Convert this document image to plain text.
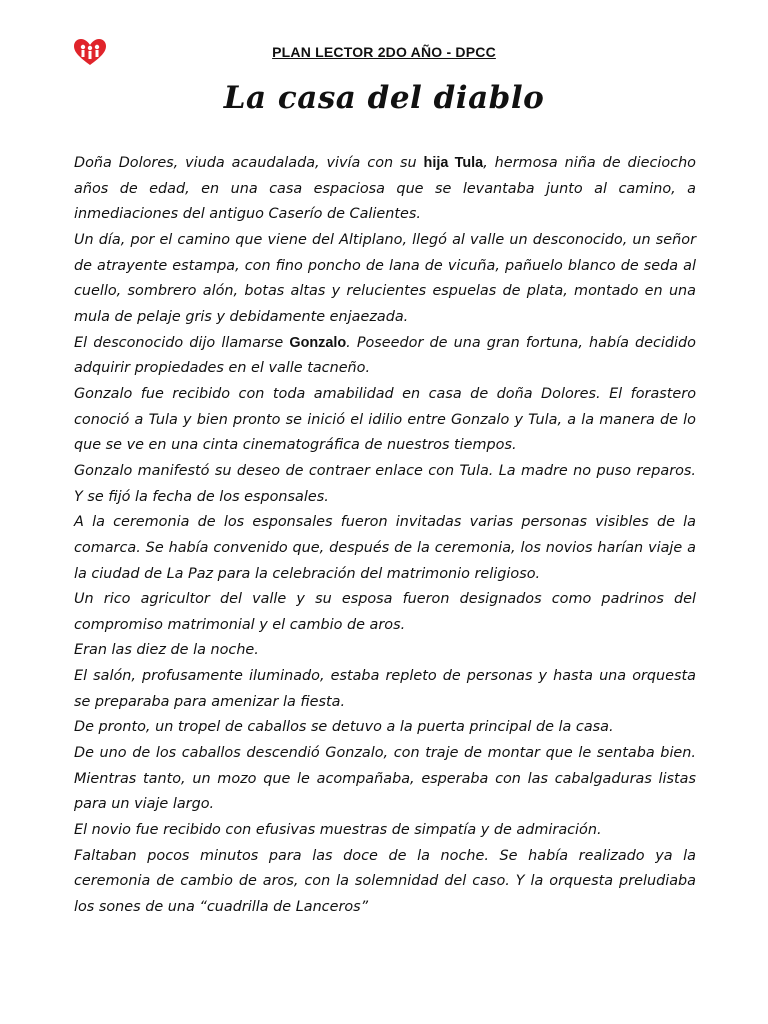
PLAN LECTOR 2DO AÑO - DPCC
La casa del diablo

Doña Dolores, viuda acaudalada, vivía con su hija Tula, hermosa niña de dieciocho años de edad, en una casa espaciosa que se levantaba junto al camino, a inmediaciones del antiguo Caserío de Calientes.

Un día, por el camino que viene del Altiplano, llegó al valle un desconocido, un señor de atrayente estampa, con fino poncho de lana de vicuña, pañuelo blanco de seda al cuello, sombrero alón, botas altas y relucientes espuelas de plata, montado en una mula de pelaje gris y debidamente enjaezada.

El desconocido dijo llamarse Gonzalo. Poseedor de una gran fortuna, había decidido adquirir propiedades en el valle tacneño.

Gonzalo fue recibido con toda amabilidad en casa de doña Dolores. El forastero conoció a Tula y bien pronto se inició el idilio entre Gonzalo y Tula, a la manera de lo que se ve en una cinta cinematográfica de nuestros tiempos.

Gonzalo manifestó su deseo de contraer enlace con Tula. La madre no puso reparos. Y se fijó la fecha de los esponsales.

A la ceremonia de los esponsales fueron invitadas varias personas visibles de la comarca. Se había convenido que, después de la ceremonia, los novios harían viaje a la ciudad de La Paz para la celebración del matrimonio religioso.

Un rico agricultor del valle y su esposa fueron designados como padrinos del compromiso matrimonial y el cambio de aros.

Eran las diez de la noche.

El salón, profusamente iluminado, estaba repleto de personas y hasta una orquesta se preparaba para amenizar la fiesta.

De pronto, un tropel de caballos se detuvo a la puerta principal de la casa.

De uno de los caballos descendió Gonzalo, con traje de montar que le sentaba bien. Mientras tanto, un mozo que le acompañaba, esperaba con las cabalgaduras listas para un viaje largo.

El novio fue recibido con efusivas muestras de simpatía y de admiración.

Faltaban pocos minutos para las doce de la noche. Se había realizado ya la ceremonia de cambio de aros, con la solemnidad del caso. Y la orquesta preludiaba los sones de una “cuadrilla de Lanceros”
